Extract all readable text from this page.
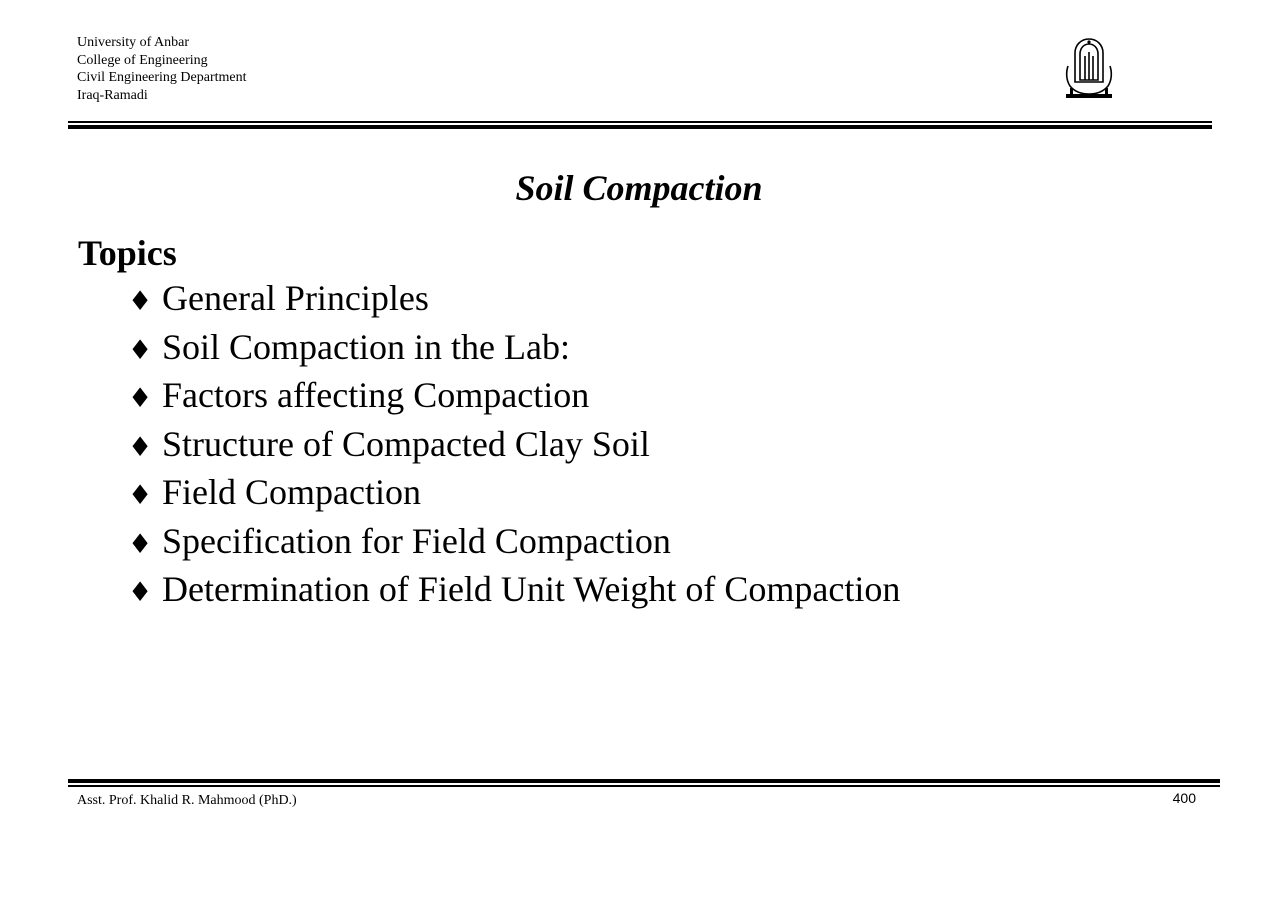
University of Anbar
College of Engineering
Civil Engineering Department
Iraq-Ramadi
Soil Compaction
Topics
♦ General Principles
♦ Soil Compaction in the Lab:
♦ Factors affecting Compaction
♦ Structure of Compacted Clay Soil
♦ Field Compaction
♦ Specification for Field Compaction
♦ Determination of Field Unit Weight of Compaction
Asst. Prof. Khalid R. Mahmood (PhD.)	400
